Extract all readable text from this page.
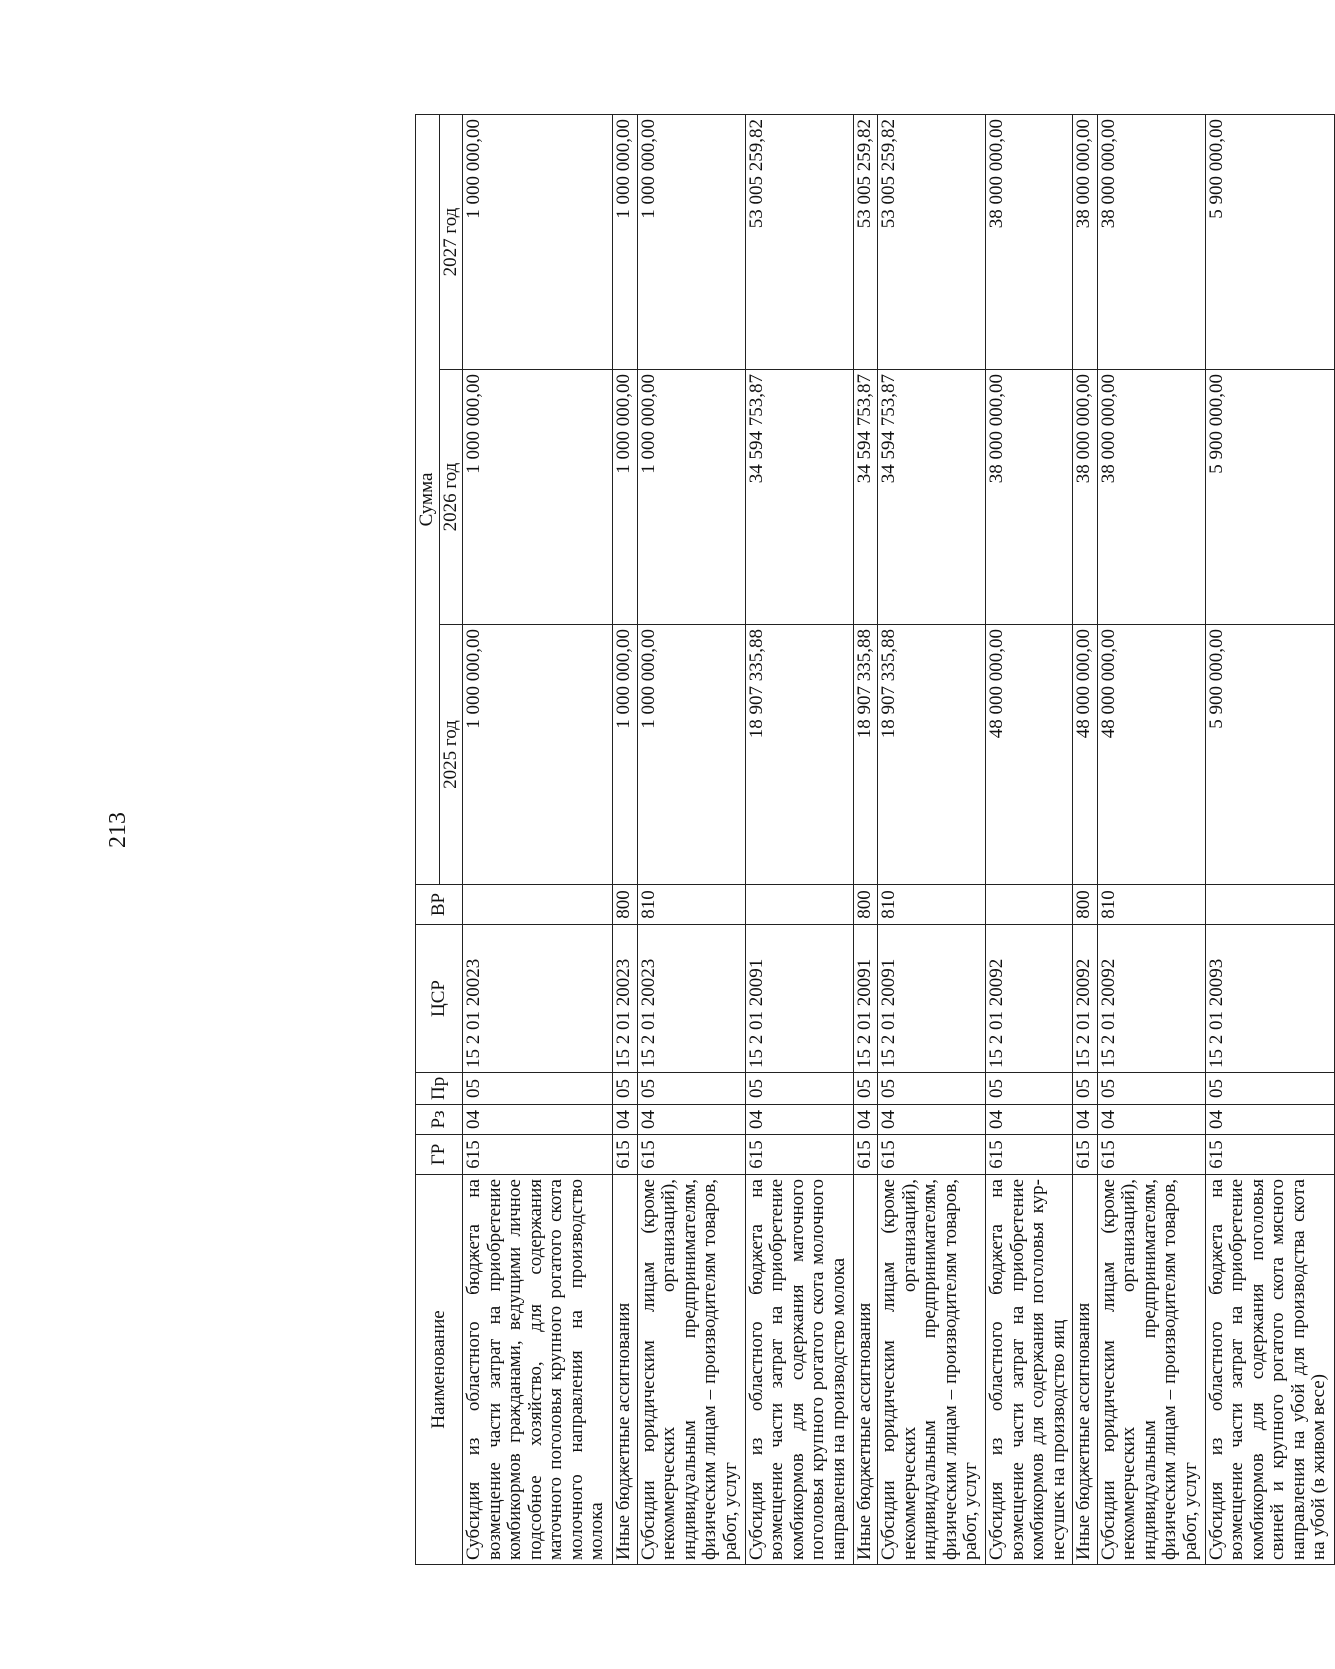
213
Наименование	ГР	Рз	Пр	ЦСР	ВР	Сумма		
						2025 год	2026 год	2027 год
Субсидия из областного бюджета на возмещение части затрат на приобретение комбикормов гражданами, ведущими личное подсобное хозяйство, для содержания маточного поголовья крупного рогатого скота молочного направления на производство молока	615	04	05	15 2 01 20023		1 000 000,00	1 000 000,00	1 000 000,00
Иные бюджетные ассигнования	615	04	05	15 2 01 20023	800	1 000 000,00	1 000 000,00	1 000 000,00
Субсидии юридическим лицам (кроме некоммерческих организаций), индивидуальным предпринимателям, физическим лицам – производителям товаров, работ, услуг	615	04	05	15 2 01 20023	810	1 000 000,00	1 000 000,00	1 000 000,00
Субсидия из областного бюджета на возмещение части затрат на приобретение комбикормов для содержания маточного поголовья крупного рогатого скота молочного направления на производство молока	615	04	05	15 2 01 20091		18 907 335,88	34 594 753,87	53 005 259,82
Иные бюджетные ассигнования	615	04	05	15 2 01 20091	800	18 907 335,88	34 594 753,87	53 005 259,82
Субсидии юридическим лицам (кроме некоммерческих организаций), индивидуальным предпринимателям, физическим лицам – производителям товаров, работ, услуг	615	04	05	15 2 01 20091	810	18 907 335,88	34 594 753,87	53 005 259,82
Субсидия из областного бюджета на возмещение части затрат на приобретение комбикормов для содержания поголовья кур-несушек на производство яиц	615	04	05	15 2 01 20092		48 000 000,00	38 000 000,00	38 000 000,00
Иные бюджетные ассигнования	615	04	05	15 2 01 20092	800	48 000 000,00	38 000 000,00	38 000 000,00
Субсидии юридическим лицам (кроме некоммерческих организаций), индивидуальным предпринимателям, физическим лицам – производителям товаров, работ, услуг	615	04	05	15 2 01 20092	810	48 000 000,00	38 000 000,00	38 000 000,00
Субсидия из областного бюджета на возмещение части затрат на приобретение комбикормов для содержания поголовья свиней и крупного рогатого скота мясного направления на убой для производства скота на убой (в живом весе)	615	04	05	15 2 01 20093		5 900 000,00	5 900 000,00	5 900 000,00
